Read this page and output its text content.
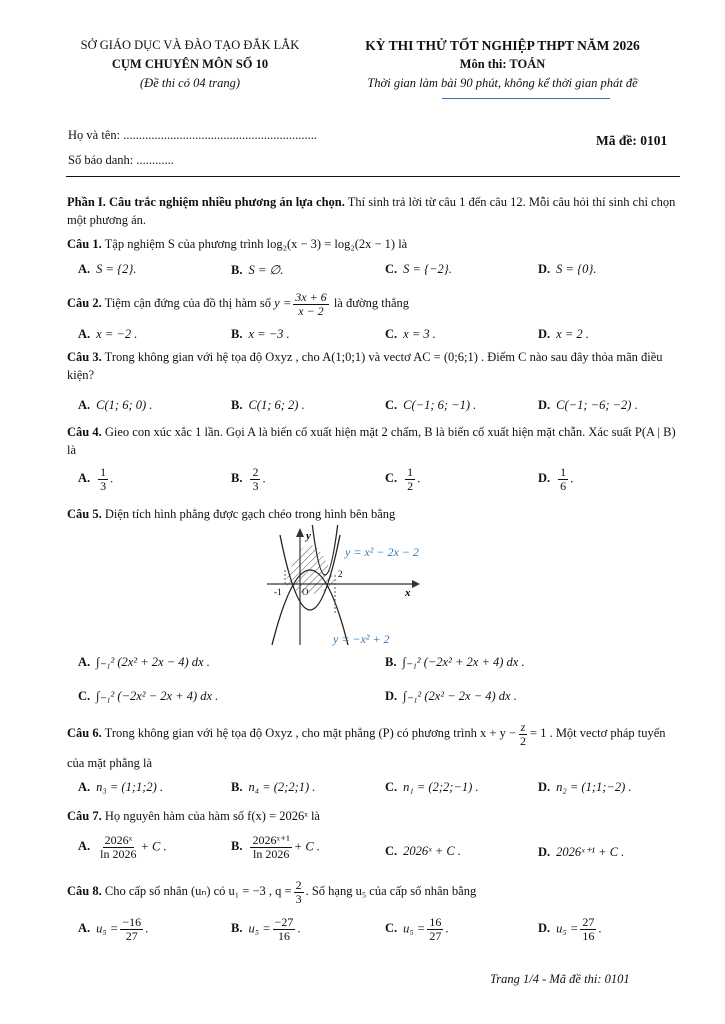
SỞ GIÁO DỤC VÀ ĐÀO TẠO ĐẮK LẮK
CỤM CHUYÊN MÔN SỐ 10
(Đề thi có 04 trang)
KỲ THI THỬ TỐT NGHIỆP THPT NĂM 2026
Môn thi: TOÁN
Thời gian làm bài 90 phút, không kể thời gian phát đề
Họ và tên: ..............................................................	Mã đề: 0101
Số báo danh: ............
Phần I. Câu trắc nghiệm nhiều phương án lựa chọn. Thí sinh trả lời từ câu 1 đến câu 12. Mỗi câu hỏi thí sinh chỉ chọn một phương án.
Câu 1. Tập nghiệm S của phương trình log₂(x − 3) = log₂(2x − 1) là
A. S = {2}.	B. S = ∅.	C. S = {−2}.	D. S = {0}.
Câu 2. Tiệm cận đứng của đồ thị hàm số $y = \frac{3x + 6}{x - 2}$ là đường thẳng
A. x = −2 .	B. x = −3 .	C. x = 3 .	D. x = 2 .
Câu 3. Trong không gian với hệ tọa độ Oxyz , cho A(1;0;1) và vectơ AC = (0;6;1) . Điểm C nào sau đây thỏa mãn điều kiện?
A. C(1; 6; 0) .	B. C(1; 6; 2) .	C. C(−1; 6; −1) .	D. C(−1; −6; −2) .
Câu 4. Gieo con xúc xắc 1 lần. Gọi A là biến cố xuất hiện mặt 2 chấm, B là biến cố xuất hiện mặt chẵn. Xác suất P(A | B) là
A. $\frac{1}{3}$ .	B. $\frac{2}{3}$ .	C. $\frac{1}{2}$ .	D. $\frac{1}{6}$ .
Câu 5. Diện tích hình phẳng được gạch chéo trong hình bên bằng
y
x
O
-1
2
y = x² − 2x − 2
y = −x² + 2
A. ∫₋₁² (2x² + 2x − 4) dx .	B. ∫₋₁² (−2x² + 2x + 4) dx .
C. ∫₋₁² (−2x² − 2x + 4) dx .	D. ∫₋₁² (2x² − 2x − 4) dx .
Câu 6. Trong không gian với hệ tọa độ Oxyz , cho mặt phẳng (P) có phương trình $x + y - \frac{z}{2} = 1$ . Một vectơ pháp tuyến của mặt phẳng là
A. n₃ = (1;1;2) .	B. n₄ = (2;2;1) .	C. n₁ = (2;2;−1) .	D. n₂ = (1;1;−2) .
Câu 7. Họ nguyên hàm của hàm số f(x) = 2026ˣ là
A. $\frac{\text{2026ˣ}}{\ln 2026} + C$ .	B. $\frac{\text{2026ˣ⁺¹}}{\ln 2026} + C$ .	C. 2026ˣ + C .	D. 2026ˣ⁺¹ + C .
Câu 8. Cho cấp số nhân (uₙ) có u₁ = −3 , $q = \frac{2}{3}$ . Số hạng u₅ của cấp số nhân bằng
A. $u_5 = \frac{-16}{27}$ .	B. $u_5 = \frac{-27}{16}$ .	C. $u_5 = \frac{16}{27}$ .	D. $u_5 = \frac{27}{16}$ .
Trang 1/4 - Mã đề thi: 0101
